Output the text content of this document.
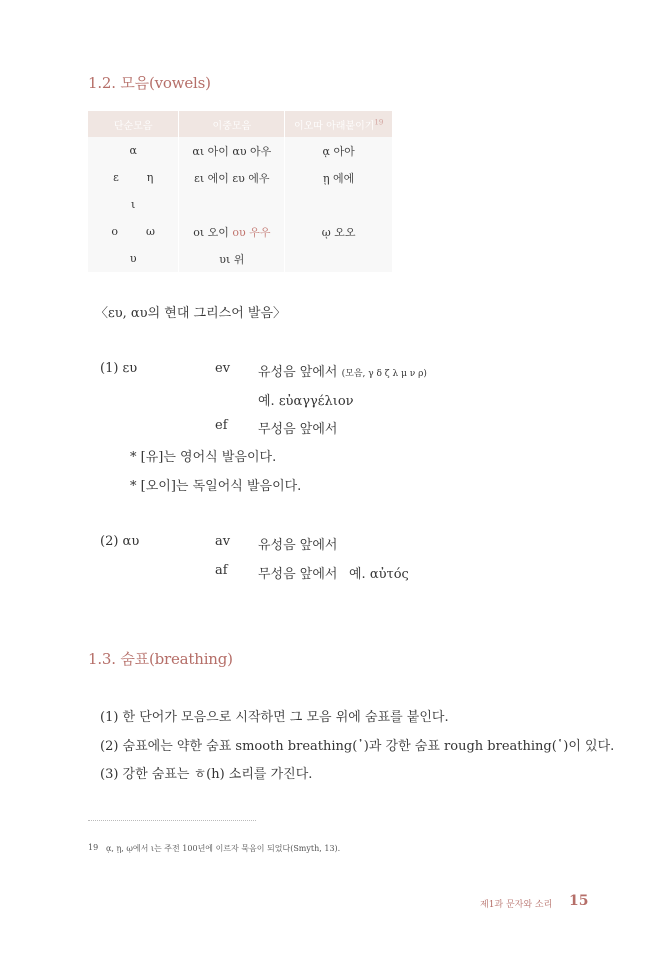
1.2. 모음(vowels)
단순모음	이중모음	이오따 아래붙이기$^{19}$
α	αι 아이 αυ 아우	ᾳ 아아
ε        η	ει 에이 ευ 에우	ῃ 에에
ι		
ο        ω	οι 오이 ου 우우	ῳ 오오
υ	υι 위	
〈ευ, αυ의 현대 그리스어 발음〉
(1) ευ	ev 유성음 앞에서 (모음, γ δ ζ λ μ ν ρ)
예. εὐαγγέλιον
ef 무성음 앞에서
* [유]는 영어식 발음이다.
* [오이]는 독일어식 발음이다.
(2) αυ	av 유성음 앞에서
af 무성음 앞에서 예. αὐτός
1.3. 숨표(breathing)
(1) 한 단어가 모음으로 시작하면 그 모음 위에 숨표를 붙인다.
(2) 숨표에는 약한 숨표 smooth breathing(᾿)과 강한 숨표 rough breathing(῾)이 있다.
(3) 강한 숨표는 ㅎ(h) 소리를 가진다.
19 ᾳ, ῃ, ῳ에서 ι는 주전 100년에 이르자 묵음이 되었다(Smyth, 13).
제1과 문자와 소리 15
